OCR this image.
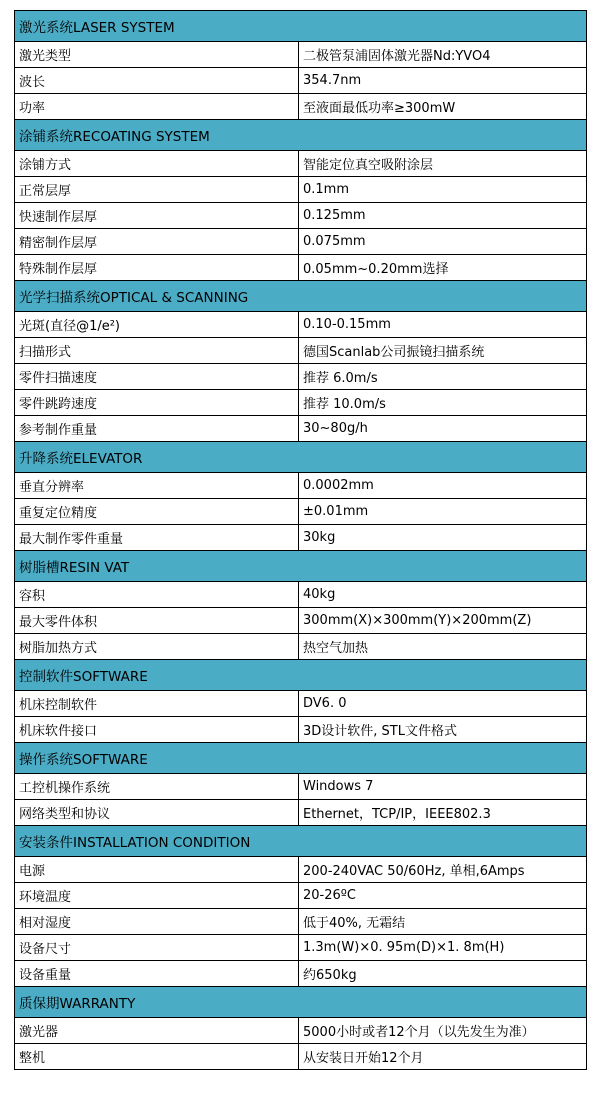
激光系统LASER SYSTEM	
激光类型	二极管泵浦固体激光器Nd:YVO4
波长	354.7nm
功率	至液面最低功率≥300mW
涂铺系统RECOATING SYSTEM	
涂铺方式	智能定位真空吸附涂层
正常层厚	0.1mm
快速制作层厚	0.125mm
精密制作层厚	0.075mm
特殊制作层厚	0.05mm~0.20mm选择
光学扫描系统OPTICAL & SCANNING	
光斑(直径@1/e²)	0.10-0.15mm
扫描形式	德国Scanlab公司振镜扫描系统
零件扫描速度	推荐 6.0m/s
零件跳跨速度	推荐 10.0m/s
参考制作重量	30~80g/h
升降系统ELEVATOR	
垂直分辨率	0.0002mm
重复定位精度	±0.01mm
最大制作零件重量	30kg
树脂槽RESIN VAT	
容积	40kg
最大零件体积	300mm(X)×300mm(Y)×200mm(Z)
树脂加热方式	热空气加热
控制软件SOFTWARE	
机床控制软件	DV6. 0
机床软件接口	3D设计软件, STL文件格式
操作系统SOFTWARE	
工控机操作系统	Windows 7
网络类型和协议	Ethernet，TCP/IP，IEEE802.3
安装条件INSTALLATION CONDITION	
电源	200-240VAC 50/60Hz, 单相,6Amps
环境温度	20-26ºC
相对湿度	低于40%, 无霜结
设备尺寸	1.3m(W)×0. 95m(D)×1. 8m(H)
设备重量	约650kg
质保期WARRANTY	
激光器	5000小时或者12个月（以先发生为准）
整机	从安装日开始12个月
